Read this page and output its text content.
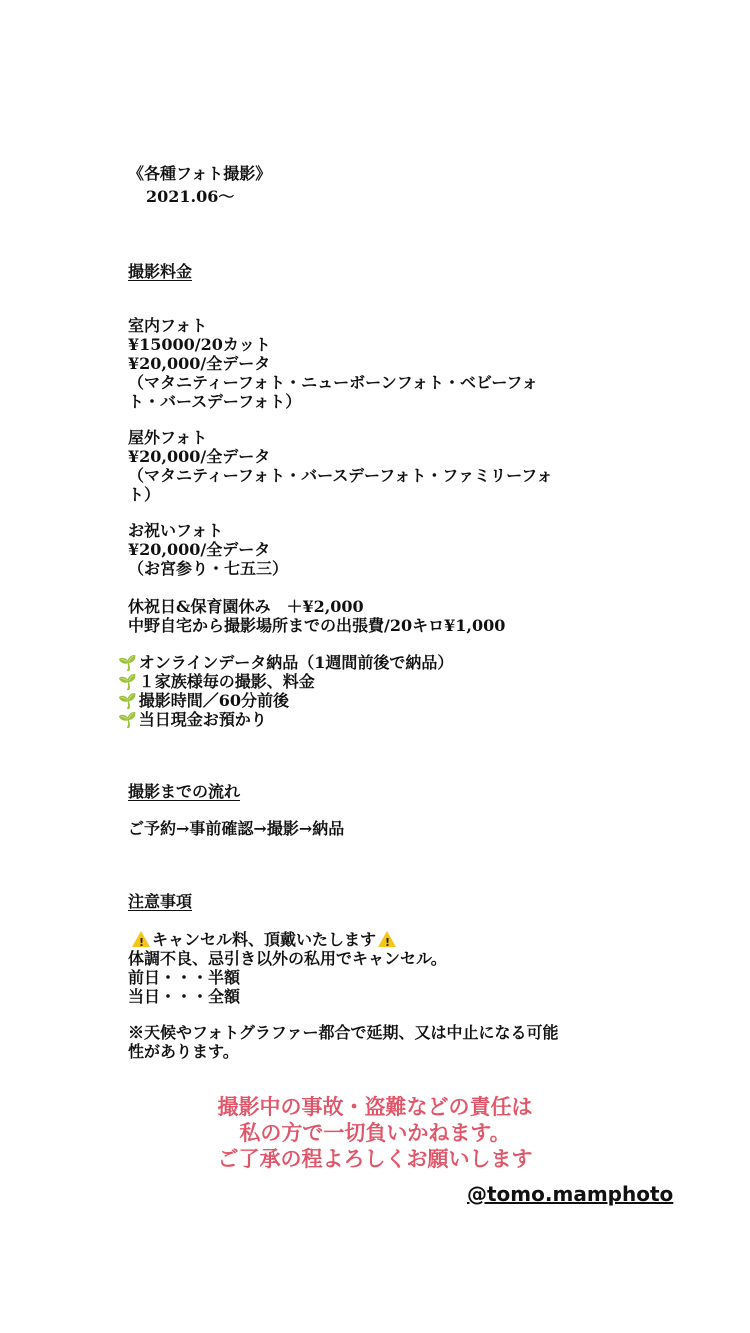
《各種フォト撮影》
2021.06〜
撮影料金
室内フォト
¥15000/20カット
¥20,000/全データ
（マタニティーフォト・ニューボーンフォト・ベビーフォ
ト・バースデーフォト）
屋外フォト
¥20,000/全データ
（マタニティーフォト・バースデーフォト・ファミリーフォ
ト）
お祝いフォト
¥20,000/全データ
（お宮参り・七五三）
休祝日&保育園休み　＋¥2,000
中野自宅から撮影場所までの出張費/20キロ¥1,000
🌱 オンラインデータ納品（1週間前後で納品）
🌱 １家族様毎の撮影、料金
🌱 撮影時間／60分前後
🌱 当日現金お預かり
撮影までの流れ
ご予約→事前確認→撮影→納品
注意事項
!キャンセル料、頂戴いたします!
体調不良、忌引き以外の私用でキャンセル。
前日・・・半額
当日・・・全額
※天候やフォトグラファー都合で延期、又は中止になる可能
性があります。
撮影中の事故・盗難などの責任は
私の方で一切負いかねます。
ご了承の程よろしくお願いします
@tomo.mamphoto
